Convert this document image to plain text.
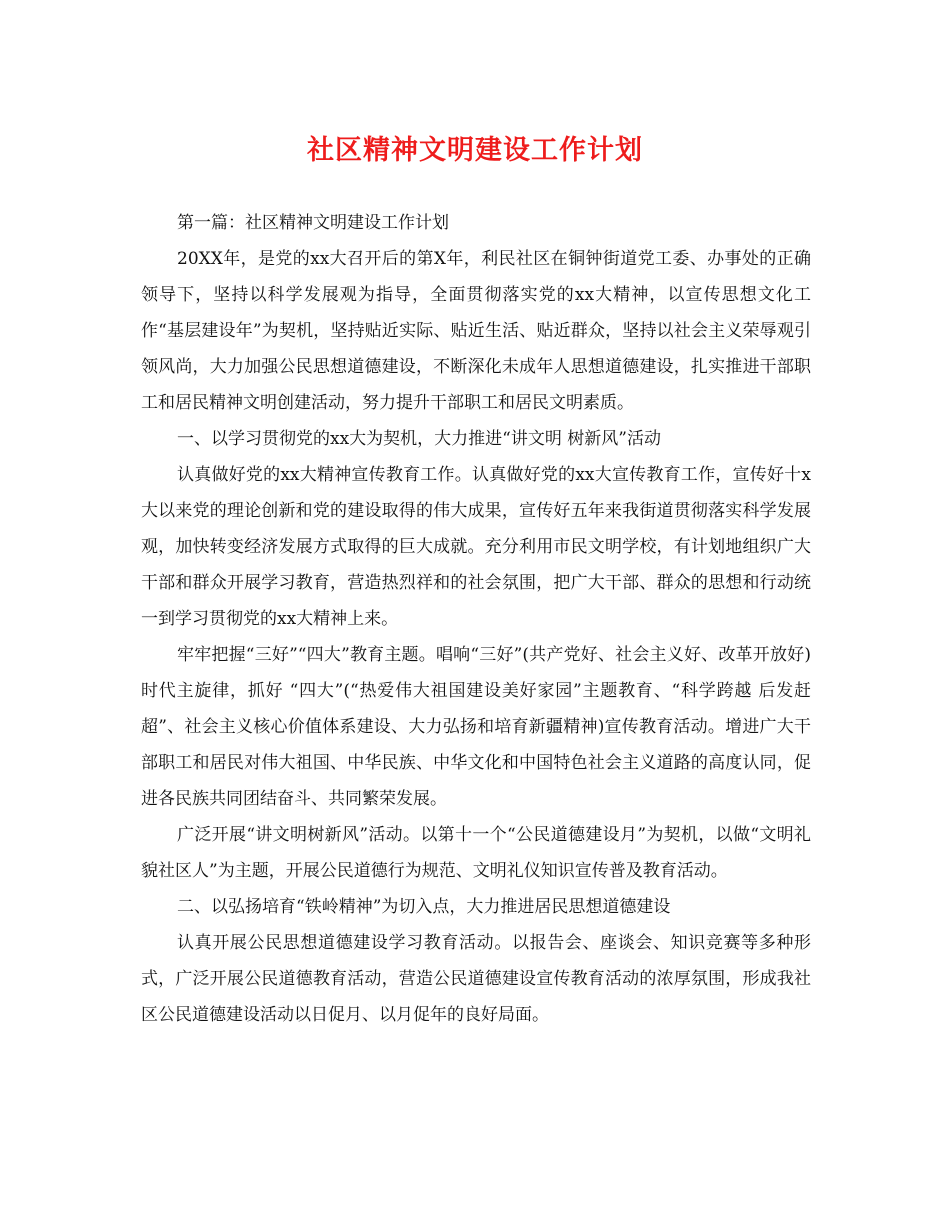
社区精神文明建设工作计划

第一篇：社区精神文明建设工作计划

20XX年，是党的xx大召开后的第X年，利民社区在铜钟街道党工委、办事处的正确领导下，坚持以科学发展观为指导，全面贯彻落实党的xx大精神，以宣传思想文化工作“基层建设年”为契机，坚持贴近实际、贴近生活、贴近群众，坚持以社会主义荣辱观引领风尚，大力加强公民思想道德建设，不断深化未成年人思想道德建设，扎实推进干部职工和居民精神文明创建活动，努力提升干部职工和居民文明素质。

一、以学习贯彻党的xx大为契机，大力推进“讲文明 树新风”活动

认真做好党的xx大精神宣传教育工作。认真做好党的xx大宣传教育工作，宣传好十x大以来党的理论创新和党的建设取得的伟大成果，宣传好五年来我街道贯彻落实科学发展观，加快转变经济发展方式取得的巨大成就。充分利用市民文明学校，有计划地组织广大干部和群众开展学习教育，营造热烈祥和的社会氛围，把广大干部、群众的思想和行动统一到学习贯彻党的xx大精神上来。

牢牢把握“三好”“四大”教育主题。唱响“三好”(共产党好、社会主义好、改革开放好)时代主旋律，抓好 “四大”(“热爱伟大祖国建设美好家园”主题教育、“科学跨越 后发赶超”、社会主义核心价值体系建设、大力弘扬和培育新疆精神)宣传教育活动。增进广大干部职工和居民对伟大祖国、中华民族、中华文化和中国特色社会主义道路的高度认同，促进各民族共同团结奋斗、共同繁荣发展。

广泛开展“讲文明树新风”活动。以第十一个“公民道德建设月”为契机，以做“文明礼貌社区人”为主题，开展公民道德行为规范、文明礼仪知识宣传普及教育活动。

二、以弘扬培育“铁岭精神”为切入点，大力推进居民思想道德建设

认真开展公民思想道德建设学习教育活动。以报告会、座谈会、知识竞赛等多种形式，广泛开展公民道德教育活动，营造公民道德建设宣传教育活动的浓厚氛围，形成我社区公民道德建设活动以日促月、以月促年的良好局面。
